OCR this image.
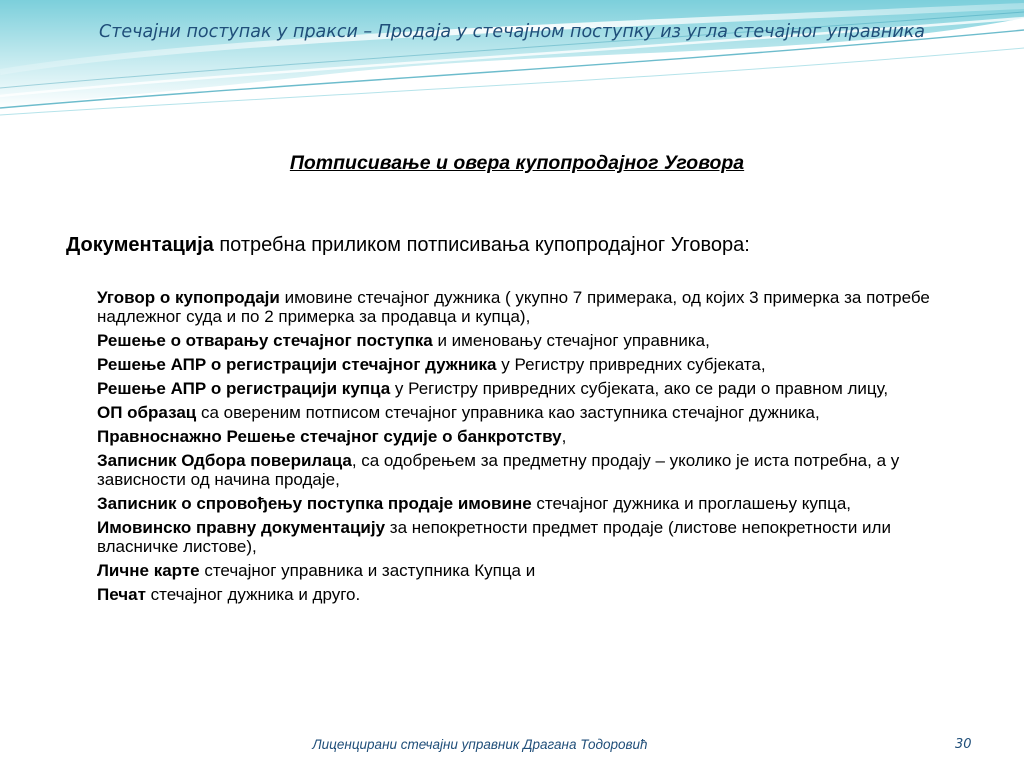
Стечајни поступак у пракси – Продаја у стечајном поступку из угла стечајног управника
Потписивање и овера купопродајног Уговора
Документација потребна приликом потписивања купопродајног Уговора:
Уговор о купопродаји имовине стечајног дужника ( укупно 7 примерака, од којих 3 примерка за потребе надлежног суда и по 2 примерка за продавца и купца),
Решење о отварању стечајног поступка и именовању стечајног управника,
Решење АПР о регистрацији стечајног дужника у Регистру привредних субјеката,
Решење АПР о регистрацији купца у Регистру привредних субјеката, ако се ради о правном лицу,
ОП образац са овереним потписом стечајног управника као заступника стечајног дужника,
Правноснажно Решење стечајног судије о банкротству,
Записник Одбора поверилаца, са одобрењем за предметну продају – уколико је иста потребна, а у зависности од начина продаје,
Записник о спровођењу поступка продаје имовине стечајног дужника и проглашењу купца,
Имовинско правну документацију за непокретности предмет продаје (листове непокретности или власничке листове),
Личне карте стечајног управника и заступника Купца и
Печат стечајног дужника и друго.
Лиценцирани стечајни управник Драгана Тодоровић	30
